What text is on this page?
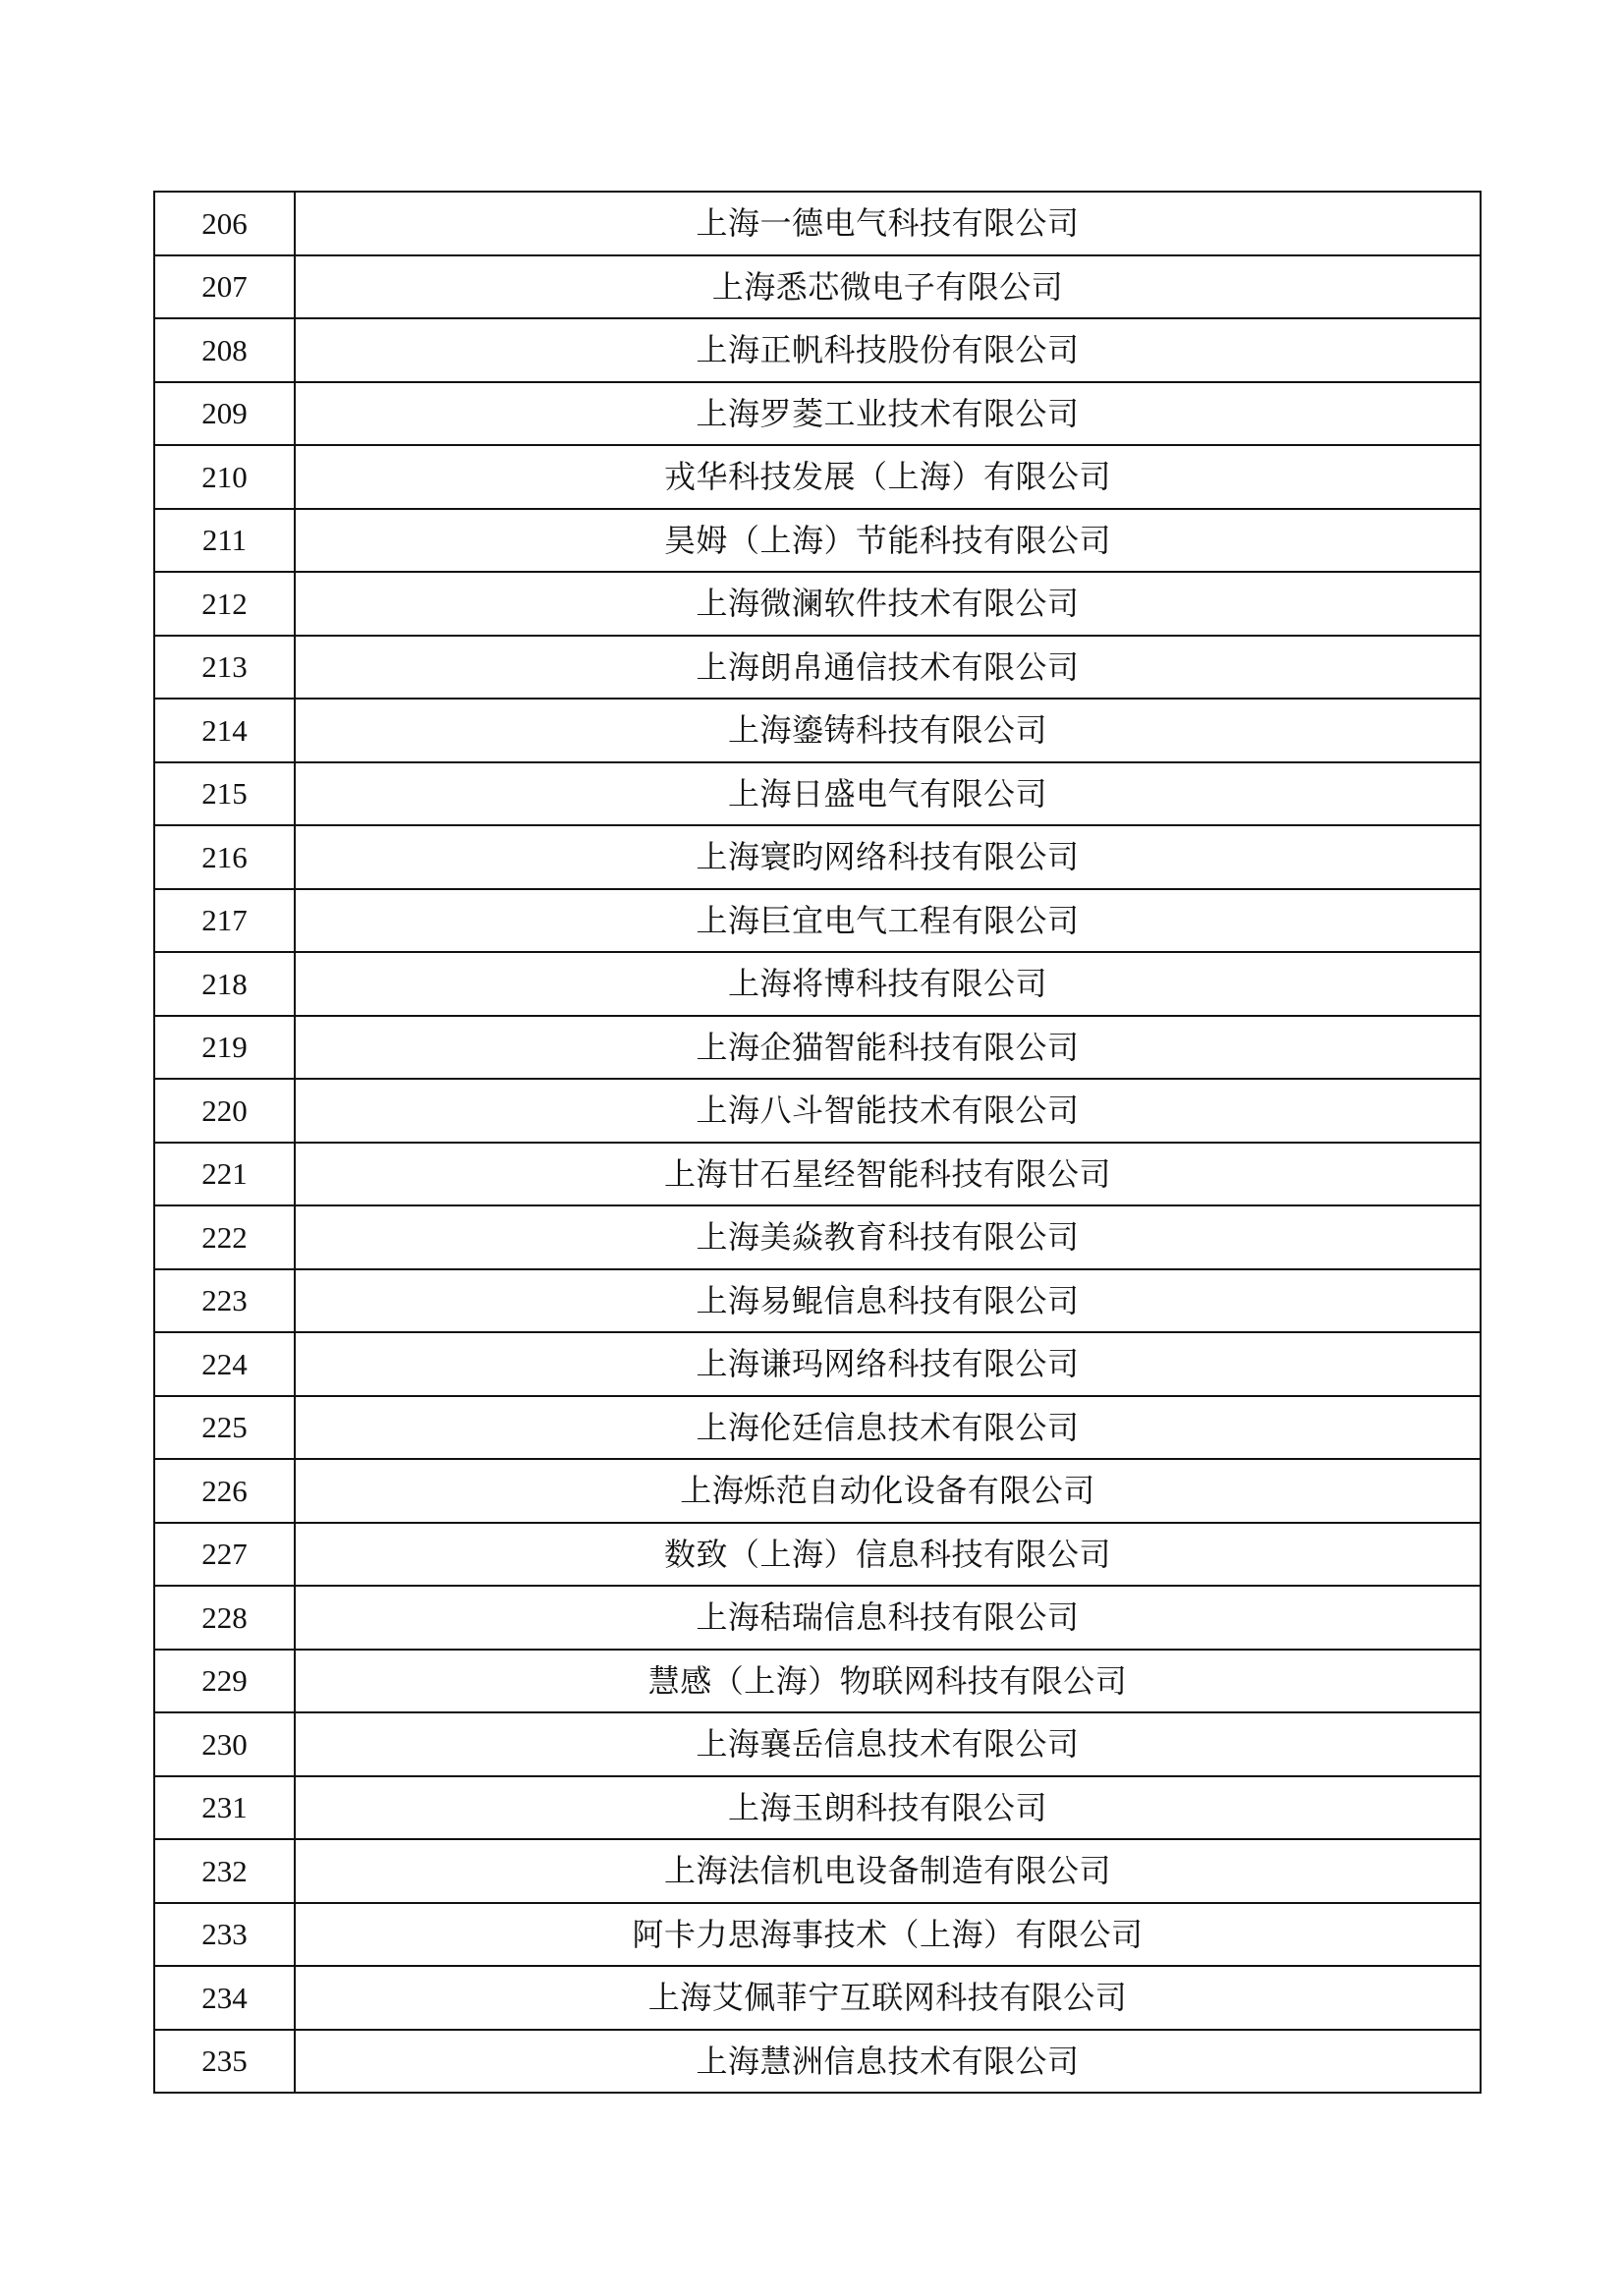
206	上海一德电气科技有限公司
207	上海悉芯微电子有限公司
208	上海正帆科技股份有限公司
209	上海罗菱工业技术有限公司
210	戎华科技发展（上海）有限公司
211	昊姆（上海）节能科技有限公司
212	上海微澜软件技术有限公司
213	上海朗帛通信技术有限公司
214	上海鎏铸科技有限公司
215	上海日盛电气有限公司
216	上海寰昀网络科技有限公司
217	上海巨宜电气工程有限公司
218	上海将博科技有限公司
219	上海企猫智能科技有限公司
220	上海八斗智能技术有限公司
221	上海甘石星经智能科技有限公司
222	上海美焱教育科技有限公司
223	上海易鲲信息科技有限公司
224	上海谦玛网络科技有限公司
225	上海伦廷信息技术有限公司
226	上海烁范自动化设备有限公司
227	数致（上海）信息科技有限公司
228	上海秸瑞信息科技有限公司
229	慧感（上海）物联网科技有限公司
230	上海襄岳信息技术有限公司
231	上海玉朗科技有限公司
232	上海法信机电设备制造有限公司
233	阿卡力思海事技术（上海）有限公司
234	上海艾佩菲宁互联网科技有限公司
235	上海慧洲信息技术有限公司
